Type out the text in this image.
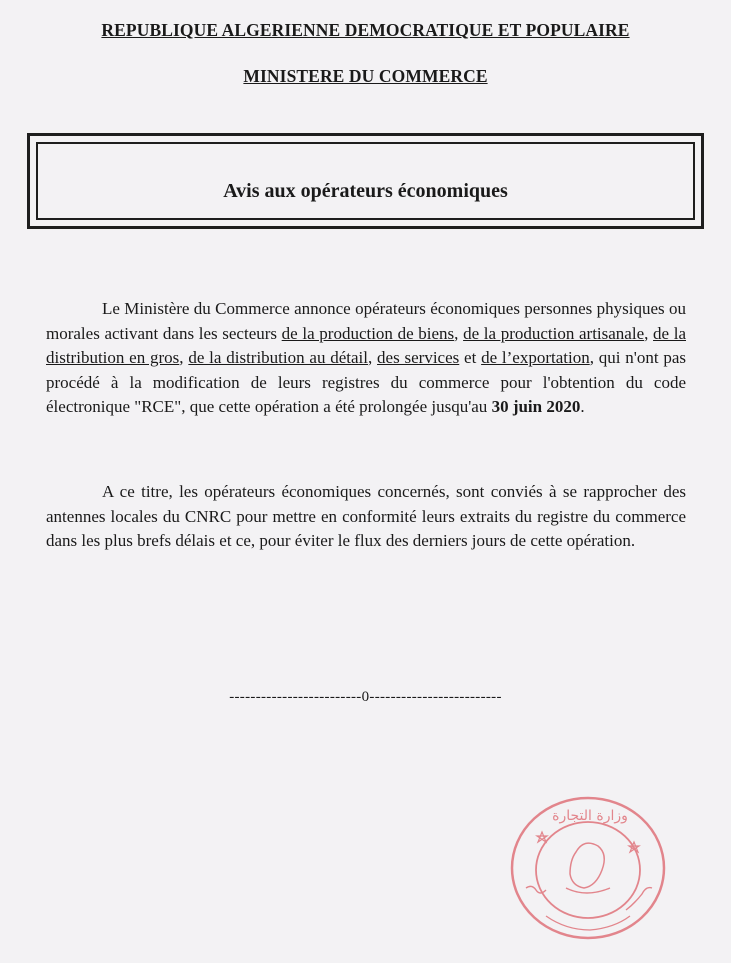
REPUBLIQUE ALGERIENNE DEMOCRATIQUE ET POPULAIRE
MINISTERE DU COMMERCE
Avis aux opérateurs économiques
Le Ministère du Commerce annonce opérateurs économiques personnes physiques ou morales activant dans les secteurs de la production de biens, de la production artisanale, de la distribution en gros, de la distribution au détail, des services et de l’exportation, qui n'ont pas procédé à la modification de leurs registres du commerce pour l'obtention du code électronique "RCE", que cette opération a été prolongée jusqu'au 30 juin 2020.
A ce titre, les opérateurs économiques concernés, sont conviés à se rapprocher des antennes locales du CNRC pour mettre en conformité leurs extraits du registre du commerce dans les plus brefs délais et ce, pour éviter le flux des derniers jours de cette opération.
-------------------------0-------------------------
وزارة التجارة
